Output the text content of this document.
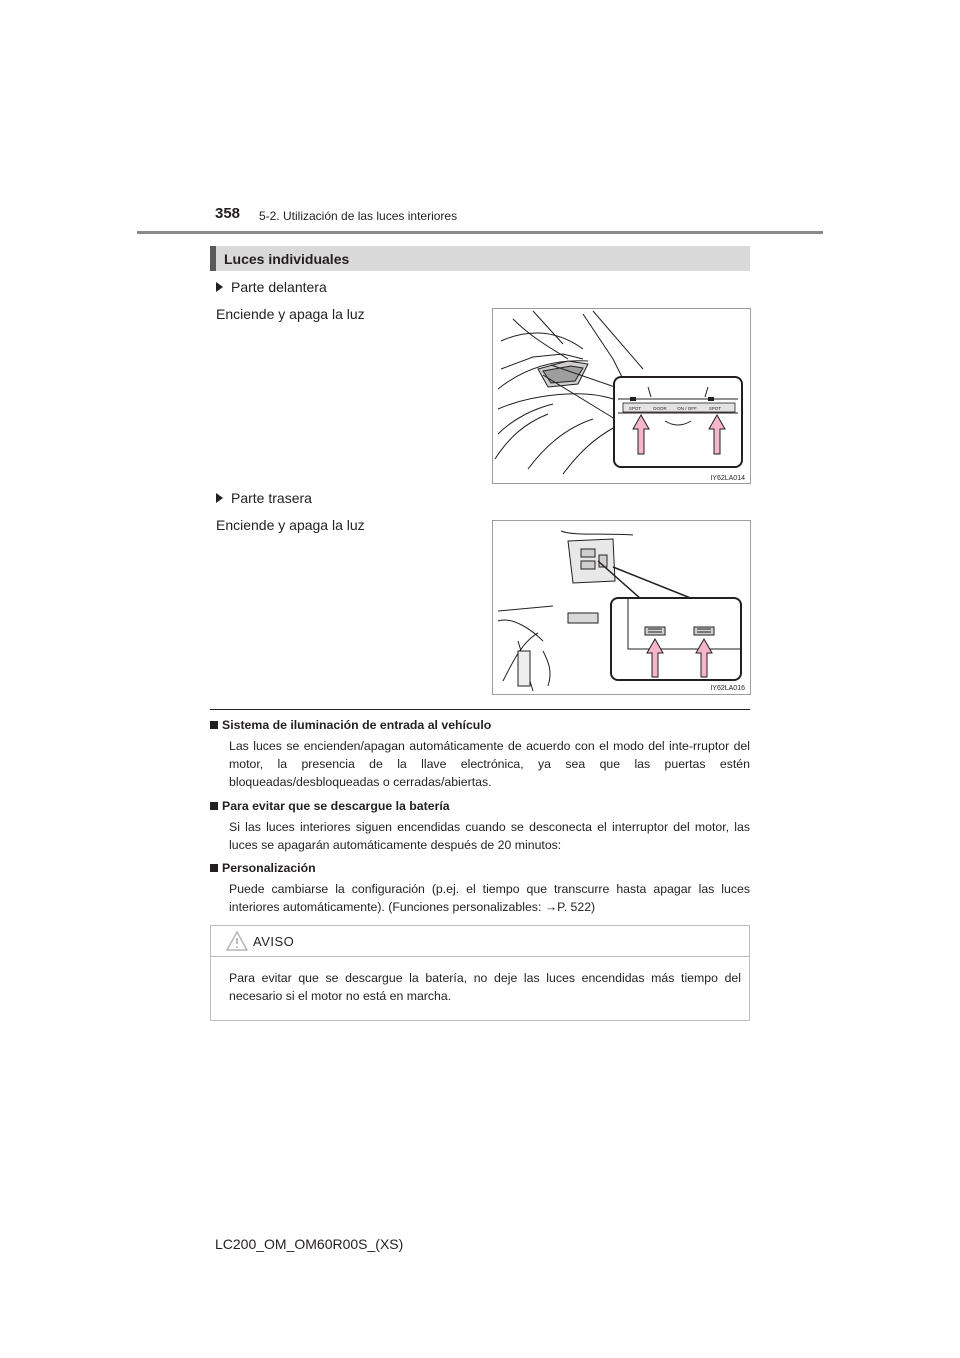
358 5-2. Utilización de las luces interiores
Luces individuales
Parte delantera
Enciende y apaga la luz
SPOT	DOOR ON / OFF	SPOT
IY62LA014
Parte trasera
Enciende y apaga la luz
IY62LA016
Sistema de iluminación de entrada al vehículo

Las luces se encienden/apagan automáticamente de acuerdo con el modo del inte-rruptor del motor, la presencia de la llave electrónica, ya sea que las puertas estén bloqueadas/desbloqueadas o cerradas/abiertas.

Para evitar que se descargue la batería

Si las luces interiores siguen encendidas cuando se desconecta el interruptor del motor, las luces se apagarán automáticamente después de 20 minutos:

Personalización

Puede cambiarse la configuración (p.ej. el tiempo que transcurre hasta apagar las luces interiores automáticamente). (Funciones personalizables: →P. 522)

AVISO
Para evitar que se descargue la batería, no deje las luces encendidas más tiempo del necesario si el motor no está en marcha.
LC200_OM_OM60R00S_(XS)
